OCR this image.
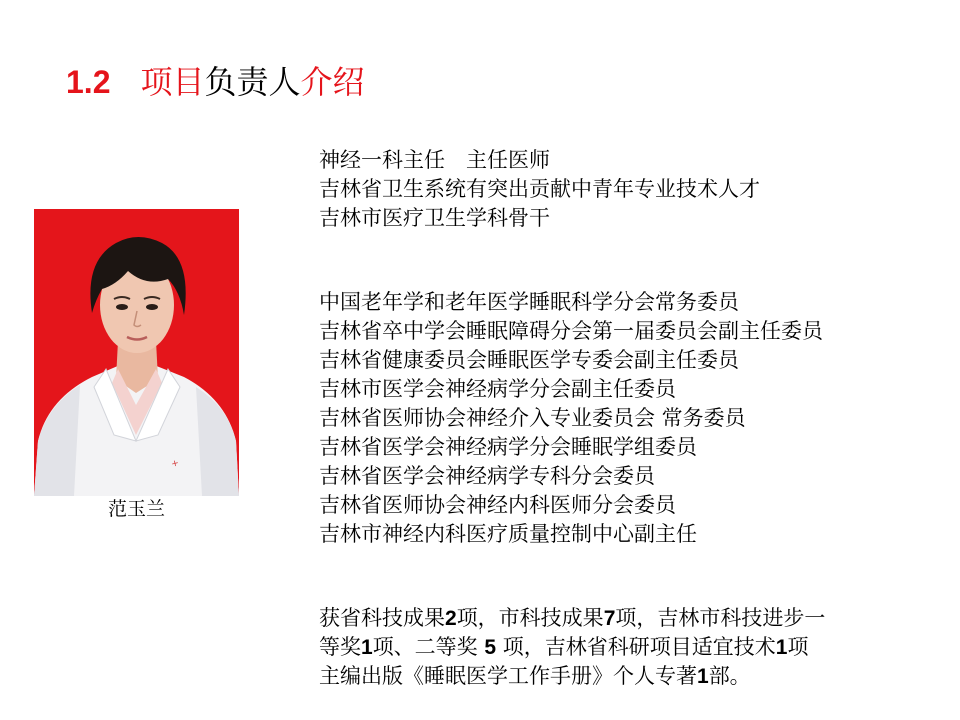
1.2 项目负责人介绍
+
范玉兰
神经一科主任　主任医师
吉林省卫生系统有突出贡献中青年专业技术人才
吉林市医疗卫生学科骨干
中国老年学和老年医学睡眠科学分会常务委员
吉林省卒中学会睡眠障碍分会第一届委员会副主任委员
吉林省健康委员会睡眠医学专委会副主任委员
吉林市医学会神经病学分会副主任委员
吉林省医师协会神经介入专业委员会 常务委员
吉林省医学会神经病学分会睡眠学组委员
吉林省医学会神经病学专科分会委员
吉林省医师协会神经内科医师分会委员
吉林市神经内科医疗质量控制中心副主任
获省科技成果2项，市科技成果7项，吉林市科技进步一
等奖1项、二等奖 5 项，吉林省科研项目适宜技术1项
主编出版《睡眠医学工作手册》个人专著1部。
